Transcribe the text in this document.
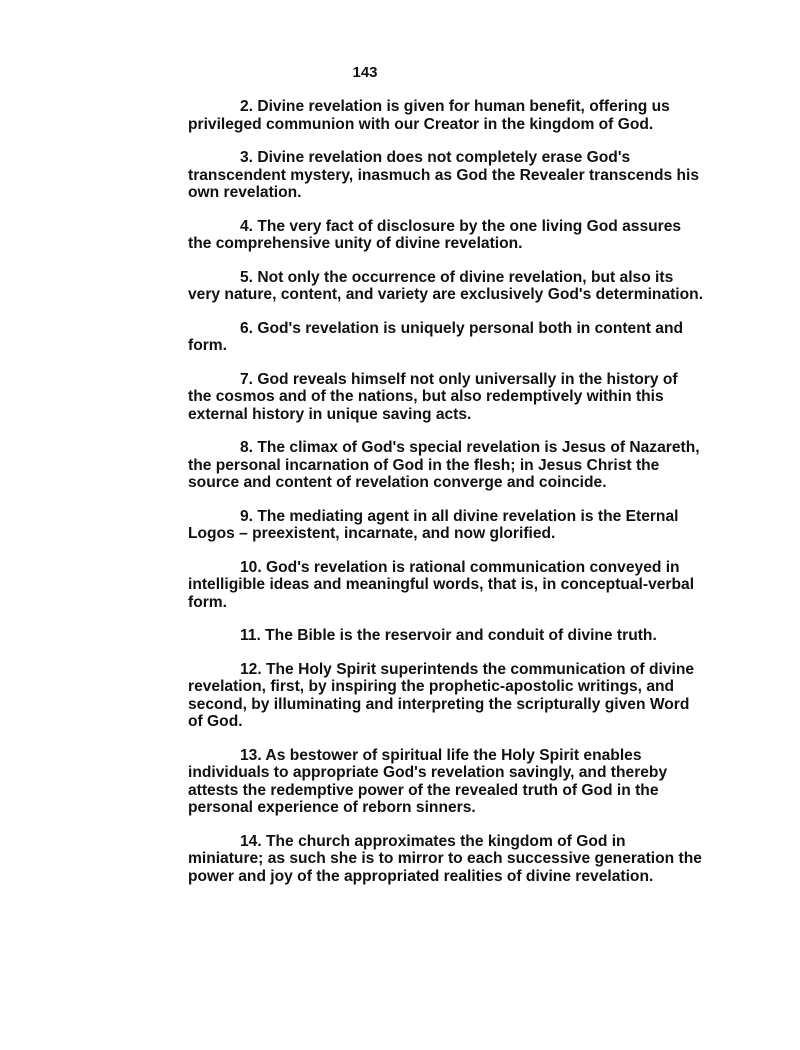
143

2. Divine revelation is given for human benefit, offering us privileged communion with our Creator in the kingdom of God.

3. Divine revelation does not completely erase God's transcendent mystery, inasmuch as God the Revealer transcends his own revelation.

4. The very fact of disclosure by the one living God assures the comprehensive unity of divine revelation.

5. Not only the occurrence of divine revelation, but also its very nature, content, and variety are exclusively God's determination.

6. God's revelation is uniquely personal both in content and form.

7. God reveals himself not only universally in the history of the cosmos and of the nations, but also redemptively within this external history in unique saving acts.

8. The climax of God's special revelation is Jesus of Nazareth, the personal incarnation of God in the flesh; in Jesus Christ the source and content of revelation converge and coincide.

9. The mediating agent in all divine revelation is the Eternal Logos – preexistent, incarnate, and now glorified.

10. God's revelation is rational communication conveyed in intelligible ideas and meaningful words, that is, in conceptual-verbal form.

11. The Bible is the reservoir and conduit of divine truth.

12. The Holy Spirit superintends the communication of divine revelation, first, by inspiring the prophetic-apostolic writings, and second, by illuminating and interpreting the scripturally given Word of God.

13. As bestower of spiritual life the Holy Spirit enables individuals to appropriate God's revelation savingly, and thereby attests the redemptive power of the revealed truth of God in the personal experience of reborn sinners.

14. The church approximates the kingdom of God in miniature; as such she is to mirror to each successive generation the power and joy of the appropriated realities of divine revelation.
